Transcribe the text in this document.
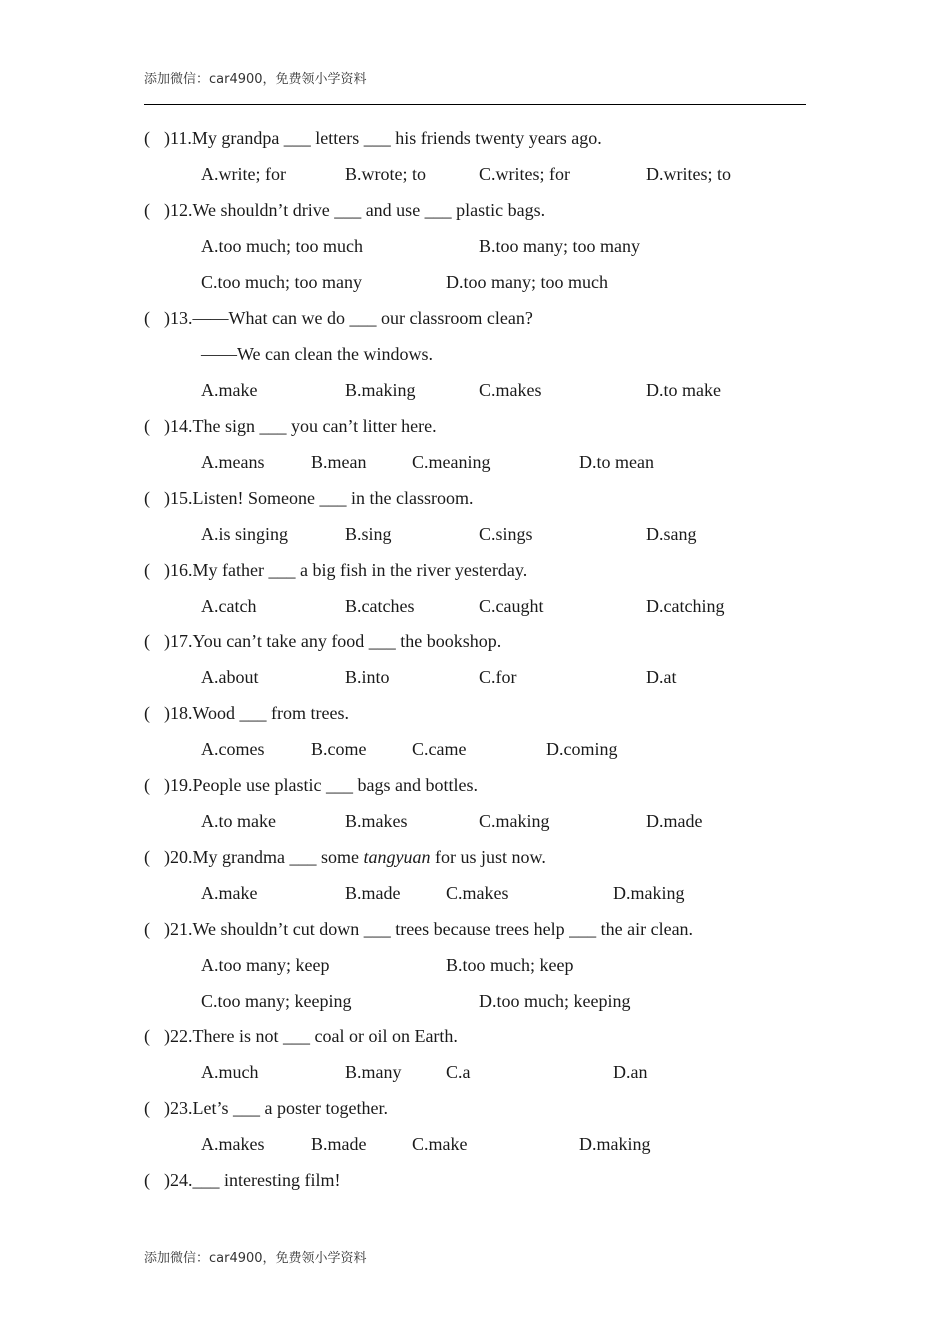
添加微信：car4900，免费领小学资料
( )11.My grandpa ___ letters ___ his friends twenty years ago.
A.write; for	B.wrote; to	C.writes; for	D.writes; to
( )12.We shouldn’t drive ___ and use ___ plastic bags.
A.too much; too much	B.too many; too many
C.too much; too many	D.too many; too much
( )13.——What can we do ___ our classroom clean?
——We can clean the windows.
A.make	B.making	C.makes	D.to make
( )14.The sign ___ you can’t litter here.
A.means	B.mean	C.meaning	D.to mean
( )15.Listen! Someone ___ in the classroom.
A.is singing	B.sing	C.sings	D.sang
( )16.My father ___ a big fish in the river yesterday.
A.catch	B.catches	C.caught	D.catching
( )17.You can’t take any food ___ the bookshop.
A.about	B.into	C.for	D.at
( )18.Wood ___ from trees.
A.comes	B.come	C.came	D.coming
( )19.People use plastic ___ bags and bottles.
A.to make	B.makes	C.making	D.made
( )20.My grandma ___ some tangyuan for us just now.
A.make	B.made	C.makes	D.making
( )21.We shouldn’t cut down ___ trees because trees help ___ the air clean.
A.too many; keep	B.too much; keep
C.too many; keeping	D.too much; keeping
( )22.There is not ___ coal or oil on Earth.
A.much	B.many C.a	D.an
( )23.Let’s ___ a poster together.
A.makes	B.made	C.make	D.making
( )24.___ interesting film!
添加微信：car4900，免费领小学资料
